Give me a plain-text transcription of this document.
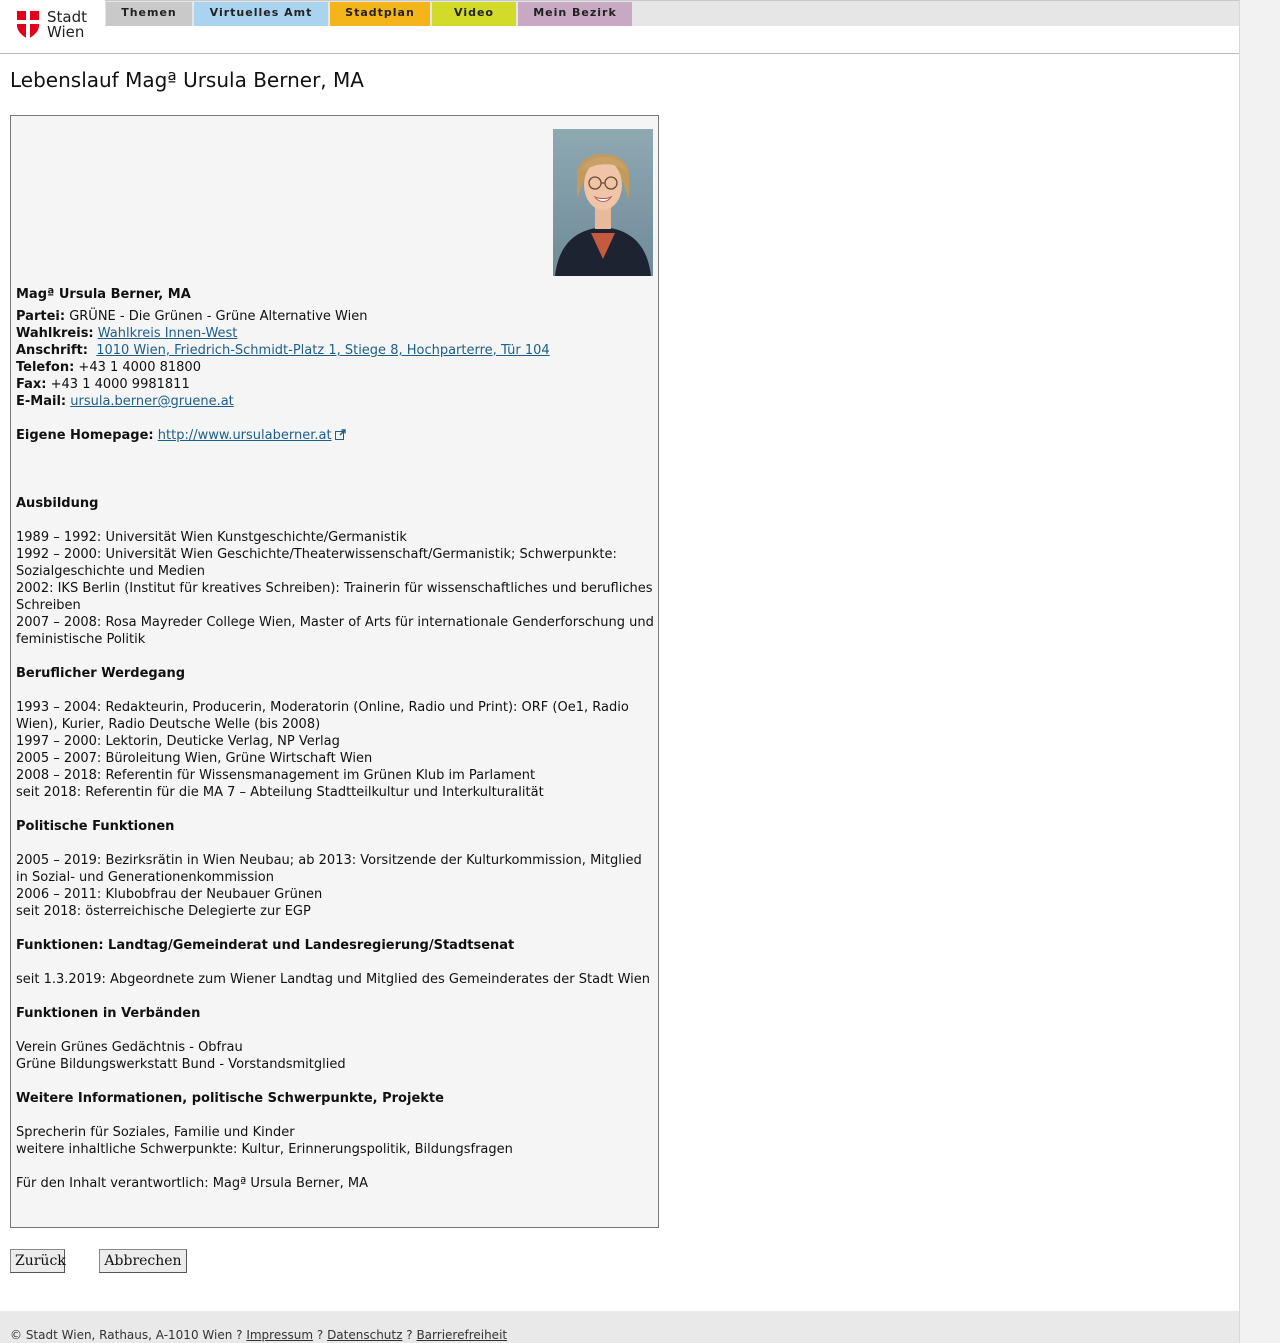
Stadt
Wien
Themen	Virtuelles Amt	Stadtplan	Video	Mein Bezirk
Lebenslauf Magª Ursula Berner, MA

Magª Ursula Berner, MA

Partei: GRÜNE - Die Grünen - Grüne Alternative Wien

Wahlkreis: Wahlkreis Innen-West

Anschrift: 1010 Wien, Friedrich-Schmidt-Platz 1, Stiege 8, Hochparterre, Tür 104

Telefon: +43 1 4000 81800

Fax: +43 1 4000 9981811

E-Mail: ursula.berner@gruene.at

Eigene Homepage: http://www.ursulaberner.at

Ausbildung

1989 – 1992: Universität Wien Kunstgeschichte/Germanistik

1992 – 2000: Universität Wien Geschichte/Theaterwissenschaft/Germanistik; Schwerpunkte: Sozialgeschichte und Medien

2002: IKS Berlin (Institut für kreatives Schreiben): Trainerin für wissenschaftliches und berufliches Schreiben

2007 – 2008: Rosa Mayreder College Wien, Master of Arts für internationale Genderforschung und feministische Politik

Beruflicher Werdegang

1993 – 2004: Redakteurin, Producerin, Moderatorin (Online, Radio und Print): ORF (Oe1, Radio Wien), Kurier, Radio Deutsche Welle (bis 2008)

1997 – 2000: Lektorin, Deuticke Verlag, NP Verlag

2005 – 2007: Büroleitung Wien, Grüne Wirtschaft Wien

2008 – 2018: Referentin für Wissensmanagement im Grünen Klub im Parlament

seit 2018: Referentin für die MA 7 – Abteilung Stadtteilkultur und Interkulturalität

Politische Funktionen

2005 – 2019: Bezirksrätin in Wien Neubau; ab 2013: Vorsitzende der Kulturkommission, Mitglied in Sozial- und Generationenkommission

2006 – 2011: Klubobfrau der Neubauer Grünen

seit 2018: österreichische Delegierte zur EGP

Funktionen: Landtag/Gemeinderat und Landesregierung/Stadtsenat

seit 1.3.2019: Abgeordnete zum Wiener Landtag und Mitglied des Gemeinderates der Stadt Wien

Funktionen in Verbänden

Verein Grünes Gedächtnis - Obfrau

Grüne Bildungswerkstatt Bund - Vorstandsmitglied

Weitere Informationen, politische Schwerpunkte, Projekte

Sprecherin für Soziales, Familie und Kinder

weitere inhaltliche Schwerpunkte: Kultur, Erinnerungspolitik, Bildungsfragen

Für den Inhalt verantwortlich: Magª Ursula Berner, MA

Zurück	Abbrechen
© Stadt Wien, Rathaus, A-1010 Wien ? Impressum ? Datenschutz ? Barrierefreiheit
